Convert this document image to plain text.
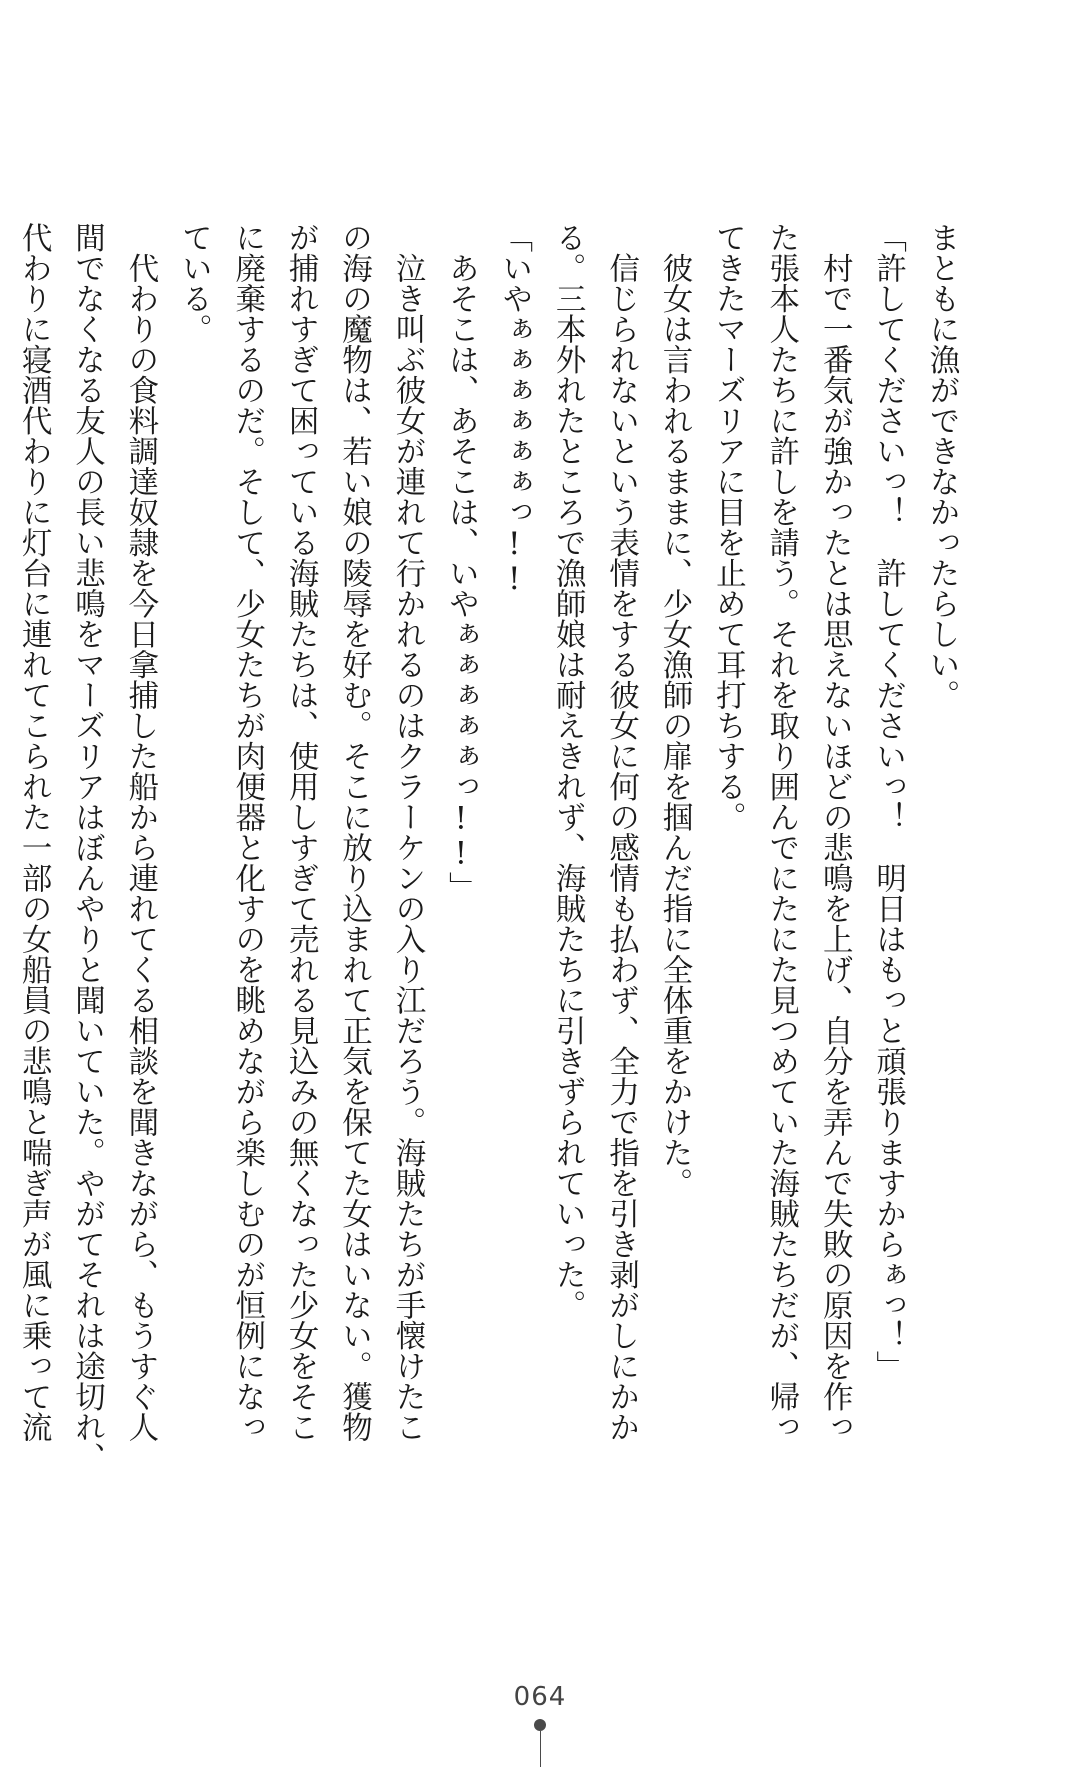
まともに漁ができなかったらしい。
「許してくださいっ！　許してくださいっ！　明日はもっと頑張りますからぁっ！」
　村で一番気が強かったとは思えないほどの悲鳴を上げ、自分を弄んで失敗の原因を作っ
た張本人たちに許しを請う。それを取り囲んでにたにた見つめていた海賊たちだが、帰っ
てきたマーズリアに目を止めて耳打ちする。
　彼女は言われるままに、少女漁師の扉を掴んだ指に全体重をかけた。
　信じられないという表情をする彼女に何の感情も払わず、全力で指を引き剥がしにかか
る。三本外れたところで漁師娘は耐えきれず、海賊たちに引きずられていった。
「いやぁぁぁぁぁぁっ!!
　あそこは、あそこは、いやぁぁぁぁぁっ!!」
　泣き叫ぶ彼女が連れて行かれるのはクラーケンの入り江だろう。海賊たちが手懐けたこ
の海の魔物は、若い娘の陵辱を好む。そこに放り込まれて正気を保てた女はいない。獲物
が捕れすぎて困っている海賊たちは、使用しすぎて売れる見込みの無くなった少女をそこ
に廃棄するのだ。そして、少女たちが肉便器と化すのを眺めながら楽しむのが恒例になっ
ている。
　代わりの食料調達奴隷を今日拿捕した船から連れてくる相談を聞きながら、もうすぐ人
間でなくなる友人の長い悲鳴をマーズリアはぼんやりと聞いていた。やがてそれは途切れ、
代わりに寝酒代わりに灯台に連れてこられた一部の女船員の悲鳴と喘ぎ声が風に乗って流
064
